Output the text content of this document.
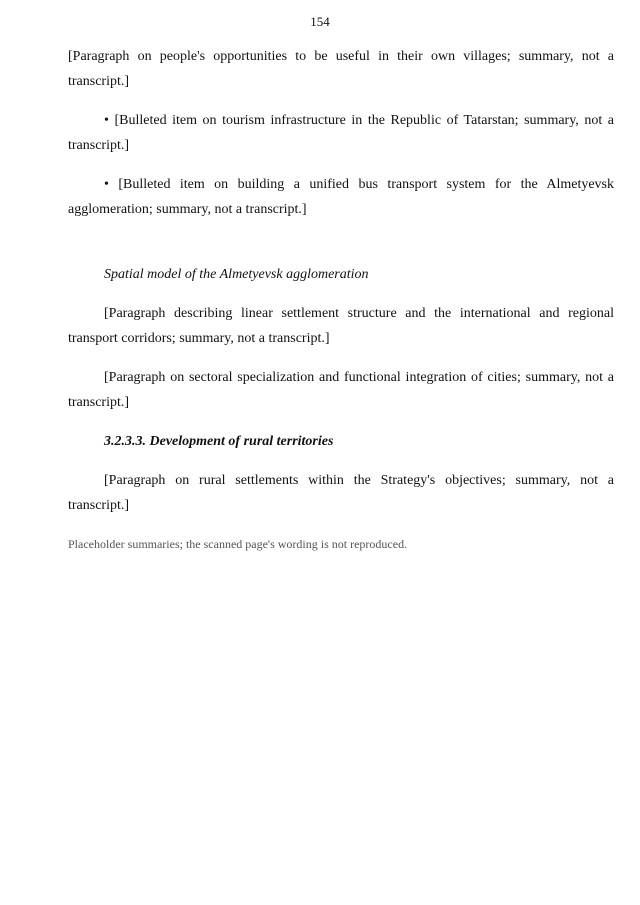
154

[Paragraph on people's opportunities to be useful in their own villages; summary, not a transcript.]

• [Bulleted item on tourism infrastructure in the Republic of Tatarstan; summary, not a transcript.]

• [Bulleted item on building a unified bus transport system for the Almetyevsk agglomeration; summary, not a transcript.]

Spatial model of the Almetyevsk agglomeration

[Paragraph describing linear settlement structure and the international and regional transport corridors; summary, not a transcript.]

[Paragraph on sectoral specialization and functional integration of cities; summary, not a transcript.]

3.2.3.3. Development of rural territories

[Paragraph on rural settlements within the Strategy's objectives; summary, not a transcript.]

Placeholder summaries; the scanned page's wording is not reproduced.
